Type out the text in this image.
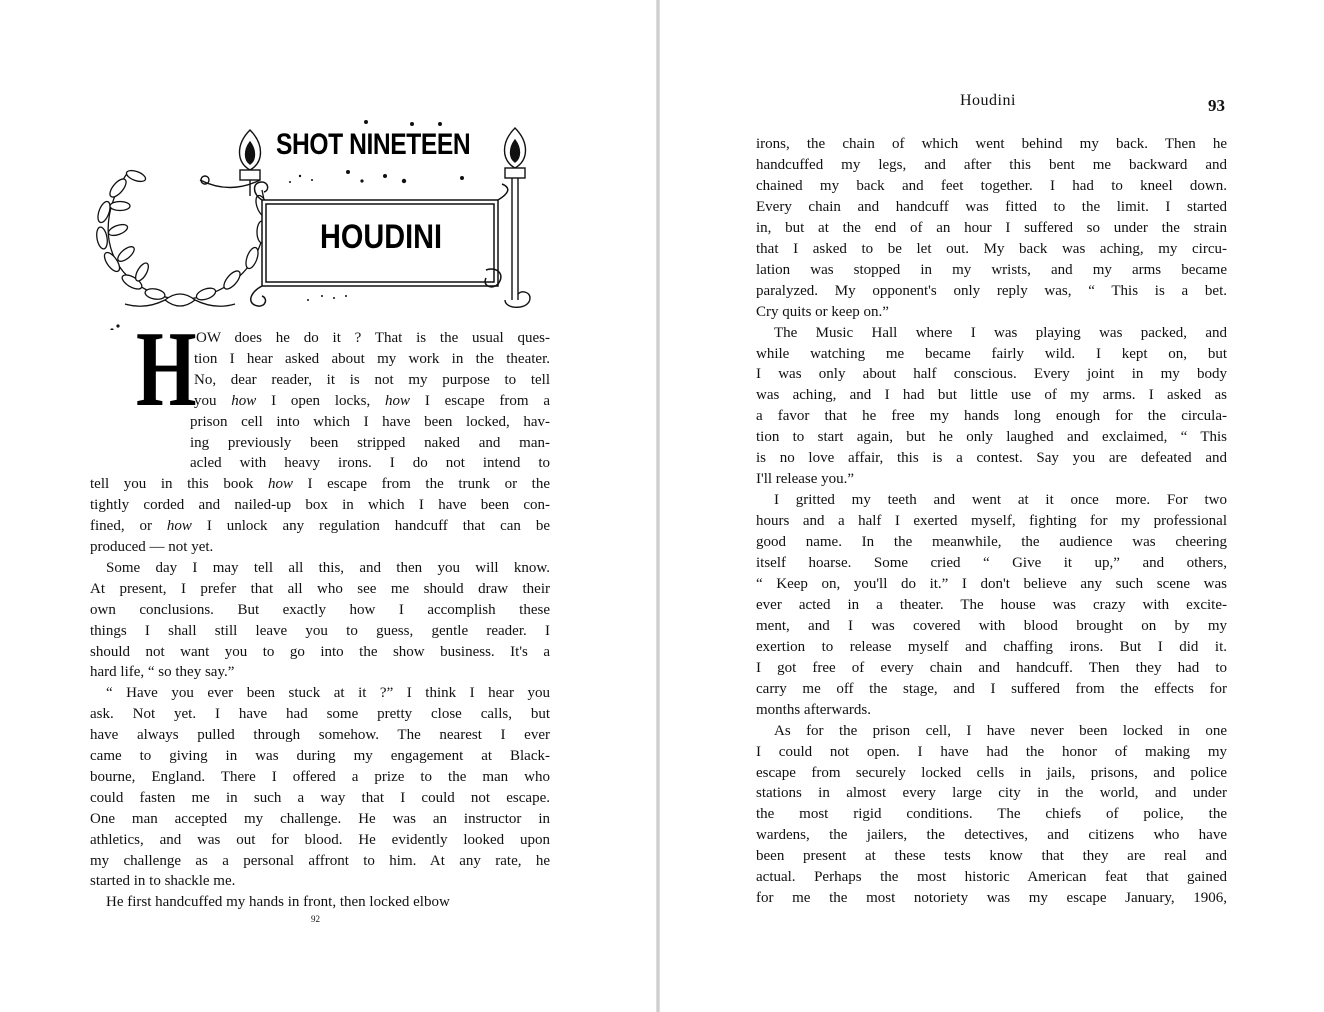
SHOT NINETEEN
HOUDINI
H OW does he do it ? That is the usual ques-
tion I hear asked about my work in the theater.
No, dear reader, it is not my purpose to tell
you how I open locks, how I escape from a
prison cell into which I have been locked, hav-
ing previously been stripped naked and man-
acled with heavy irons. I do not intend to
tell you in this book how I escape from the trunk or the
tightly corded and nailed-up box in which I have been con-
fined, or how I unlock any regulation handcuff that can be
produced — not yet.
Some day I may tell all this, and then you will know.
At present, I prefer that all who see me should draw their
own conclusions. But exactly how I accomplish these
things I shall still leave you to guess, gentle reader. I
should not want you to go into the show business. It's a
hard life, “ so they say.”
“ Have you ever been stuck at it ?” I think I hear you
ask. Not yet. I have had some pretty close calls, but
have always pulled through somehow. The nearest I ever
came to giving in was during my engagement at Black-
bourne, England. There I offered a prize to the man who
could fasten me in such a way that I could not escape.
One man accepted my challenge. He was an instructor in
athletics, and was out for blood. He evidently looked upon
my challenge as a personal affront to him. At any rate, he
started in to shackle me.
He first handcuffed my hands in front, then locked elbow
92
Houdini	93
irons, the chain of which went behind my back. Then he
handcuffed my legs, and after this bent me backward and
chained my back and feet together. I had to kneel down.
Every chain and handcuff was fitted to the limit. I started
in, but at the end of an hour I suffered so under the strain
that I asked to be let out. My back was aching, my circu-
lation was stopped in my wrists, and my arms became
paralyzed. My opponent's only reply was, “ This is a bet.
Cry quits or keep on.”
The Music Hall where I was playing was packed, and
while watching me became fairly wild. I kept on, but
I was only about half conscious. Every joint in my body
was aching, and I had but little use of my arms. I asked as
a favor that he free my hands long enough for the circula-
tion to start again, but he only laughed and exclaimed, “ This
is no love affair, this is a contest. Say you are defeated and
I'll release you.”
I gritted my teeth and went at it once more. For two
hours and a half I exerted myself, fighting for my professional
good name. In the meanwhile, the audience was cheering
itself hoarse. Some cried “ Give it up,” and others,
“ Keep on, you'll do it.” I don't believe any such scene was
ever acted in a theater. The house was crazy with excite-
ment, and I was covered with blood brought on by my
exertion to release myself and chaffing irons. But I did it.
I got free of every chain and handcuff. Then they had to
carry me off the stage, and I suffered from the effects for
months afterwards.
As for the prison cell, I have never been locked in one
I could not open. I have had the honor of making my
escape from securely locked cells in jails, prisons, and police
stations in almost every large city in the world, and under
the most rigid conditions. The chiefs of police, the
wardens, the jailers, the detectives, and citizens who have
been present at these tests know that they are real and
actual. Perhaps the most historic American feat that gained
for me the most notoriety was my escape January, 1906,
